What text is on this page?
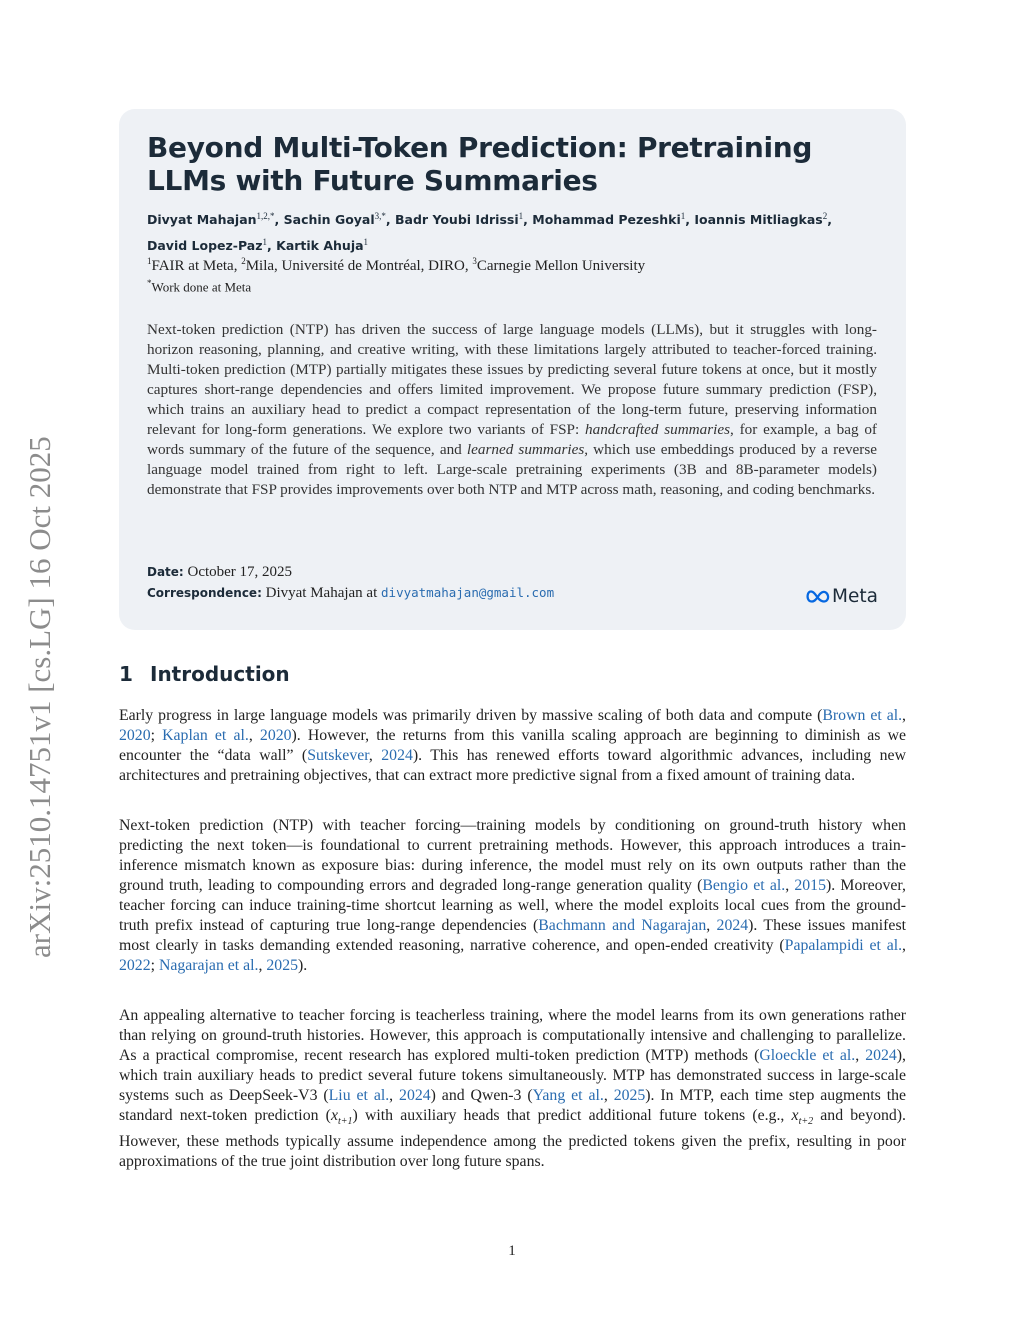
arXiv:2510.14751v1 [cs.LG] 16 Oct 2025
Beyond Multi-Token Prediction: Pretraining LLMs with Future Summaries
Divyat Mahajan$^{1,2,*}$, Sachin Goyal$^{3,*}$, Badr Youbi Idrissi$^1$, Mohammad Pezeshki$^1$, Ioannis Mitliagkas$^2$,
David Lopez-Paz$^1$, Kartik Ahuja$^1$
$^1$FAIR at Meta, $^2$Mila, Université de Montréal, DIRO, $^3$Carnegie Mellon University
*Work done at Meta

Next-token prediction (NTP) has driven the success of large language models (LLMs), but it struggles with long-horizon reasoning, planning, and creative writing, with these limitations largely attributed to teacher-forced training. Multi-token prediction (MTP) partially mitigates these issues by predicting several future tokens at once, but it mostly captures short-range dependencies and offers limited improvement. We propose future summary prediction (FSP), which trains an auxiliary head to predict a compact representation of the long-term future, preserving information relevant for long-form generations. We explore two variants of FSP: handcrafted summaries, for example, a bag of words summary of the future of the sequence, and learned summaries, which use embeddings produced by a reverse language model trained from right to left. Large-scale pretraining experiments (3B and 8B-parameter models) demonstrate that FSP provides improvements over both NTP and MTP across math, reasoning, and coding benchmarks.

Date: October 17, 2025
Correspondence: Divyat Mahajan at divyatmahajan@gmail.com	Meta
1 Introduction

Early progress in large language models was primarily driven by massive scaling of both data and compute (Brown et al., 2020; Kaplan et al., 2020). However, the returns from this vanilla scaling approach are beginning to diminish as we encounter the “data wall” (Sutskever, 2024). This has renewed efforts toward algorithmic advances, including new architectures and pretraining objectives, that can extract more predictive signal from a fixed amount of training data.

Next-token prediction (NTP) with teacher forcing—training models by conditioning on ground-truth history when predicting the next token—is foundational to current pretraining methods. However, this approach introduces a train-inference mismatch known as exposure bias: during inference, the model must rely on its own outputs rather than the ground truth, leading to compounding errors and degraded long-range generation quality (Bengio et al., 2015). Moreover, teacher forcing can induce training-time shortcut learning as well, where the model exploits local cues from the ground-truth prefix instead of capturing true long-range dependencies (Bachmann and Nagarajan, 2024). These issues manifest most clearly in tasks demanding extended reasoning, narrative coherence, and open-ended creativity (Papalampidi et al., 2022; Nagarajan et al., 2025).

An appealing alternative to teacher forcing is teacherless training, where the model learns from its own generations rather than relying on ground-truth histories. However, this approach is computationally intensive and challenging to parallelize. As a practical compromise, recent research has explored multi-token prediction (MTP) methods (Gloeckle et al., 2024), which train auxiliary heads to predict several future tokens simultaneously. MTP has demonstrated success in large-scale systems such as DeepSeek-V3 (Liu et al., 2024) and Qwen-3 (Yang et al., 2025). In MTP, each time step augments the standard next-token prediction $(x_{t+1})$ with auxiliary heads that predict additional future tokens (e.g., $x_{t+2}$ and beyond). However, these methods typically assume independence among the predicted tokens given the prefix, resulting in poor approximations of the true joint distribution over long future spans.

1
